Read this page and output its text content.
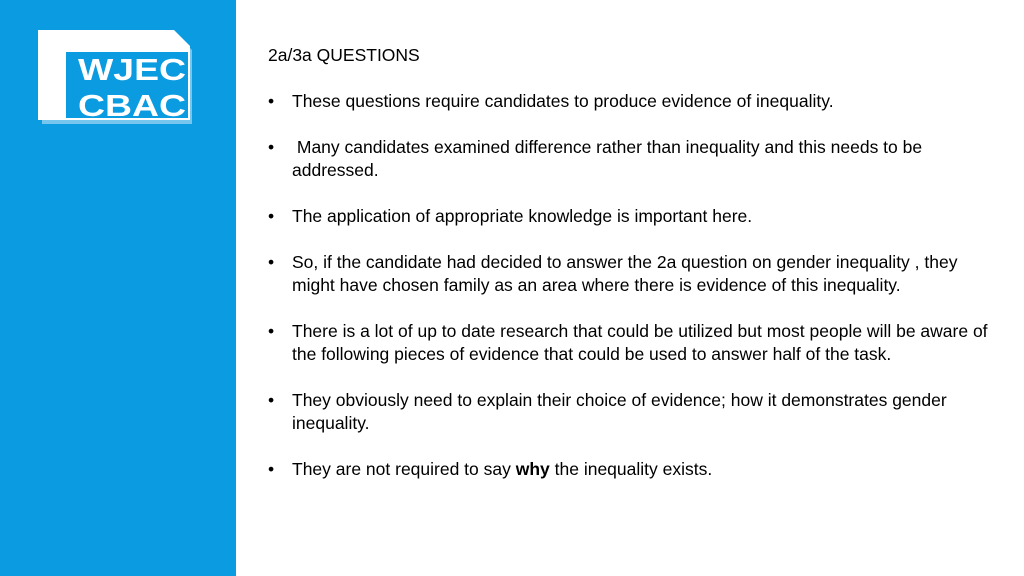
WJEC
CBAC
2a/3a QUESTIONS
• These questions require candidates to produce evidence of inequality.
• Many candidates examined difference rather than inequality and this needs to be addressed.
• The application of appropriate knowledge is important here.
• So, if the candidate had decided to answer the 2a question on gender inequality , they might have chosen family as an area where there is evidence of this inequality.
• There is a lot of up to date research that could be utilized but most people will be aware of the following pieces of evidence that could be used to answer half of the task.
• They obviously need to explain their choice of evidence; how it demonstrates gender inequality.
• They are not required to say why the inequality exists.
